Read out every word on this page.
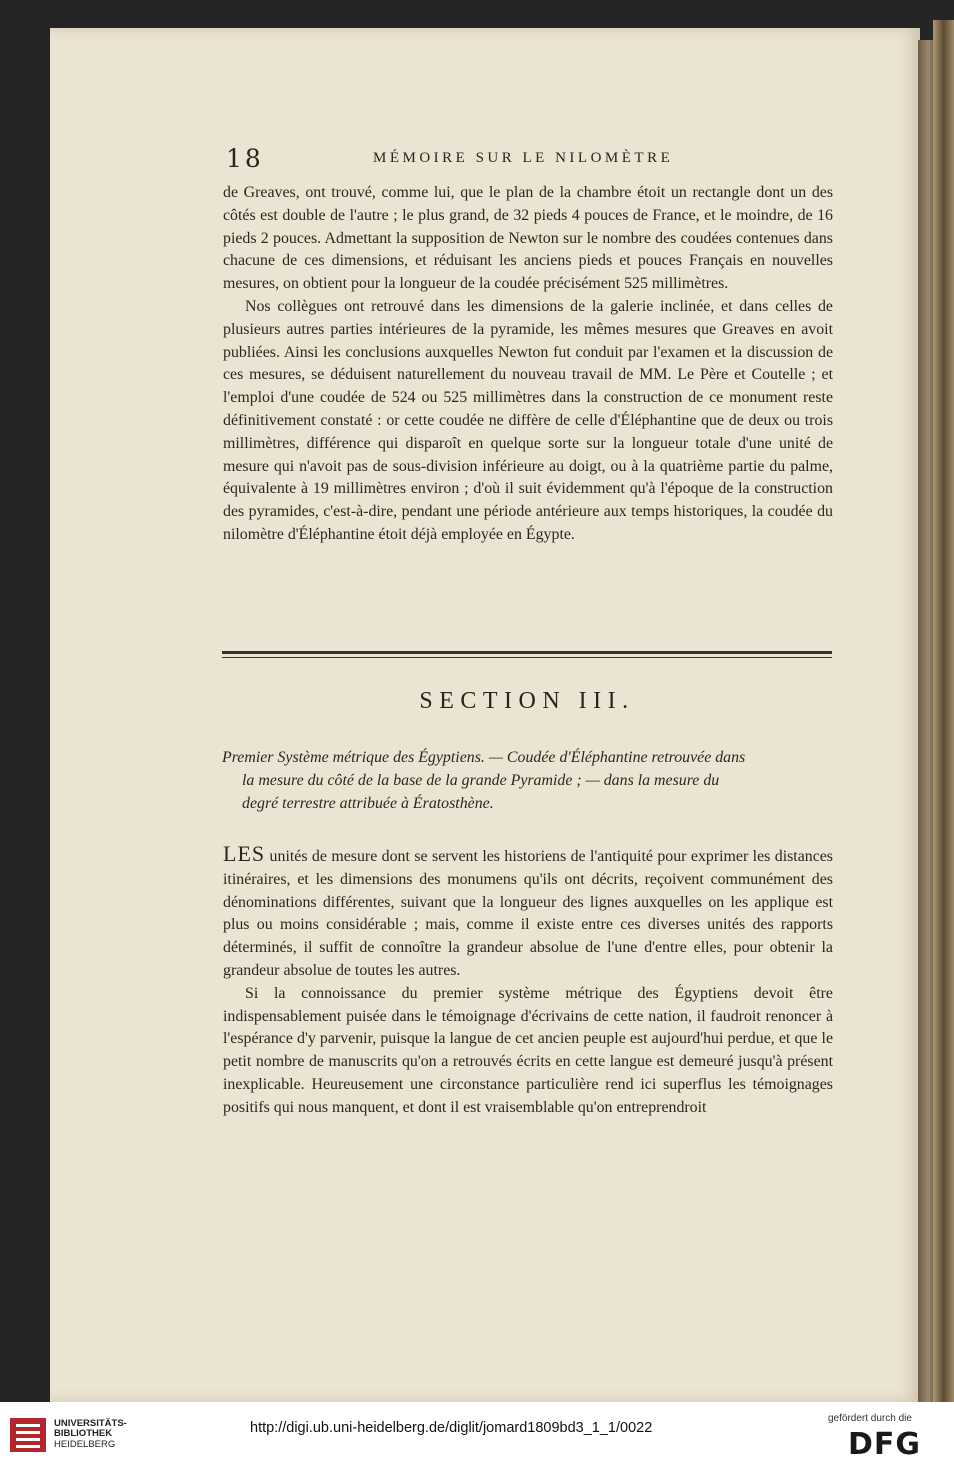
18	MÉMOIRE SUR LE NILOMÈTRE

de Greaves, ont trouvé, comme lui, que le plan de la chambre étoit un rectangle dont un des côtés est double de l'autre ; le plus grand, de 32 pieds 4 pouces de France, et le moindre, de 16 pieds 2 pouces. Admettant la supposition de Newton sur le nombre des coudées contenues dans chacune de ces dimensions, et réduisant les anciens pieds et pouces Français en nouvelles mesures, on obtient pour la longueur de la coudée précisément 525 millimètres.

Nos collègues ont retrouvé dans les dimensions de la galerie inclinée, et dans celles de plusieurs autres parties intérieures de la pyramide, les mêmes mesures que Greaves en avoit publiées. Ainsi les conclusions auxquelles Newton fut conduit par l'examen et la discussion de ces mesures, se déduisent naturellement du nouveau travail de MM. Le Père et Coutelle ; et l'emploi d'une coudée de 524 ou 525 millimètres dans la construction de ce monument reste définitivement constaté : or cette coudée ne diffère de celle d'Éléphantine que de deux ou trois millimètres, différence qui disparoît en quelque sorte sur la longueur totale d'une unité de mesure qui n'avoit pas de sous-division inférieure au doigt, ou à la quatrième partie du palme, équivalente à 19 millimètres environ ; d'où il suit évidemment qu'à l'époque de la construction des pyramides, c'est-à-dire, pendant une période antérieure aux temps historiques, la coudée du nilomètre d'Éléphantine étoit déjà employée en Égypte.

SECTION III.
Premier Système métrique des Égyptiens. — Coudée d'Éléphantine retrouvée dans
la mesure du côté de la base de la grande Pyramide ; — dans la mesure du
degré terrestre attribuée à Ératosthène.

LES unités de mesure dont se servent les historiens de l'antiquité pour exprimer les distances itinéraires, et les dimensions des monumens qu'ils ont décrits, reçoivent communément des dénominations différentes, suivant que la longueur des lignes auxquelles on les applique est plus ou moins considérable ; mais, comme il existe entre ces diverses unités des rapports déterminés, il suffit de connoître la grandeur absolue de l'une d'entre elles, pour obtenir la grandeur absolue de toutes les autres.

Si la connoissance du premier système métrique des Égyptiens devoit être indispensablement puisée dans le témoignage d'écrivains de cette nation, il faudroit renoncer à l'espérance d'y parvenir, puisque la langue de cet ancien peuple est aujourd'hui perdue, et que le petit nombre de manuscrits qu'on a retrouvés écrits en cette langue est demeuré jusqu'à présent inexplicable. Heureusement une circonstance particulière rend ici superflus les témoignages positifs qui nous manquent, et dont il est vraisemblable qu'on entreprendroit

UNIVERSITÄTS-
BIBLIOTHEK
HEIDELBERG
http://digi.ub.uni-heidelberg.de/diglit/jomard1809bd3_1_1/0022
gefördert durch die
DFG
